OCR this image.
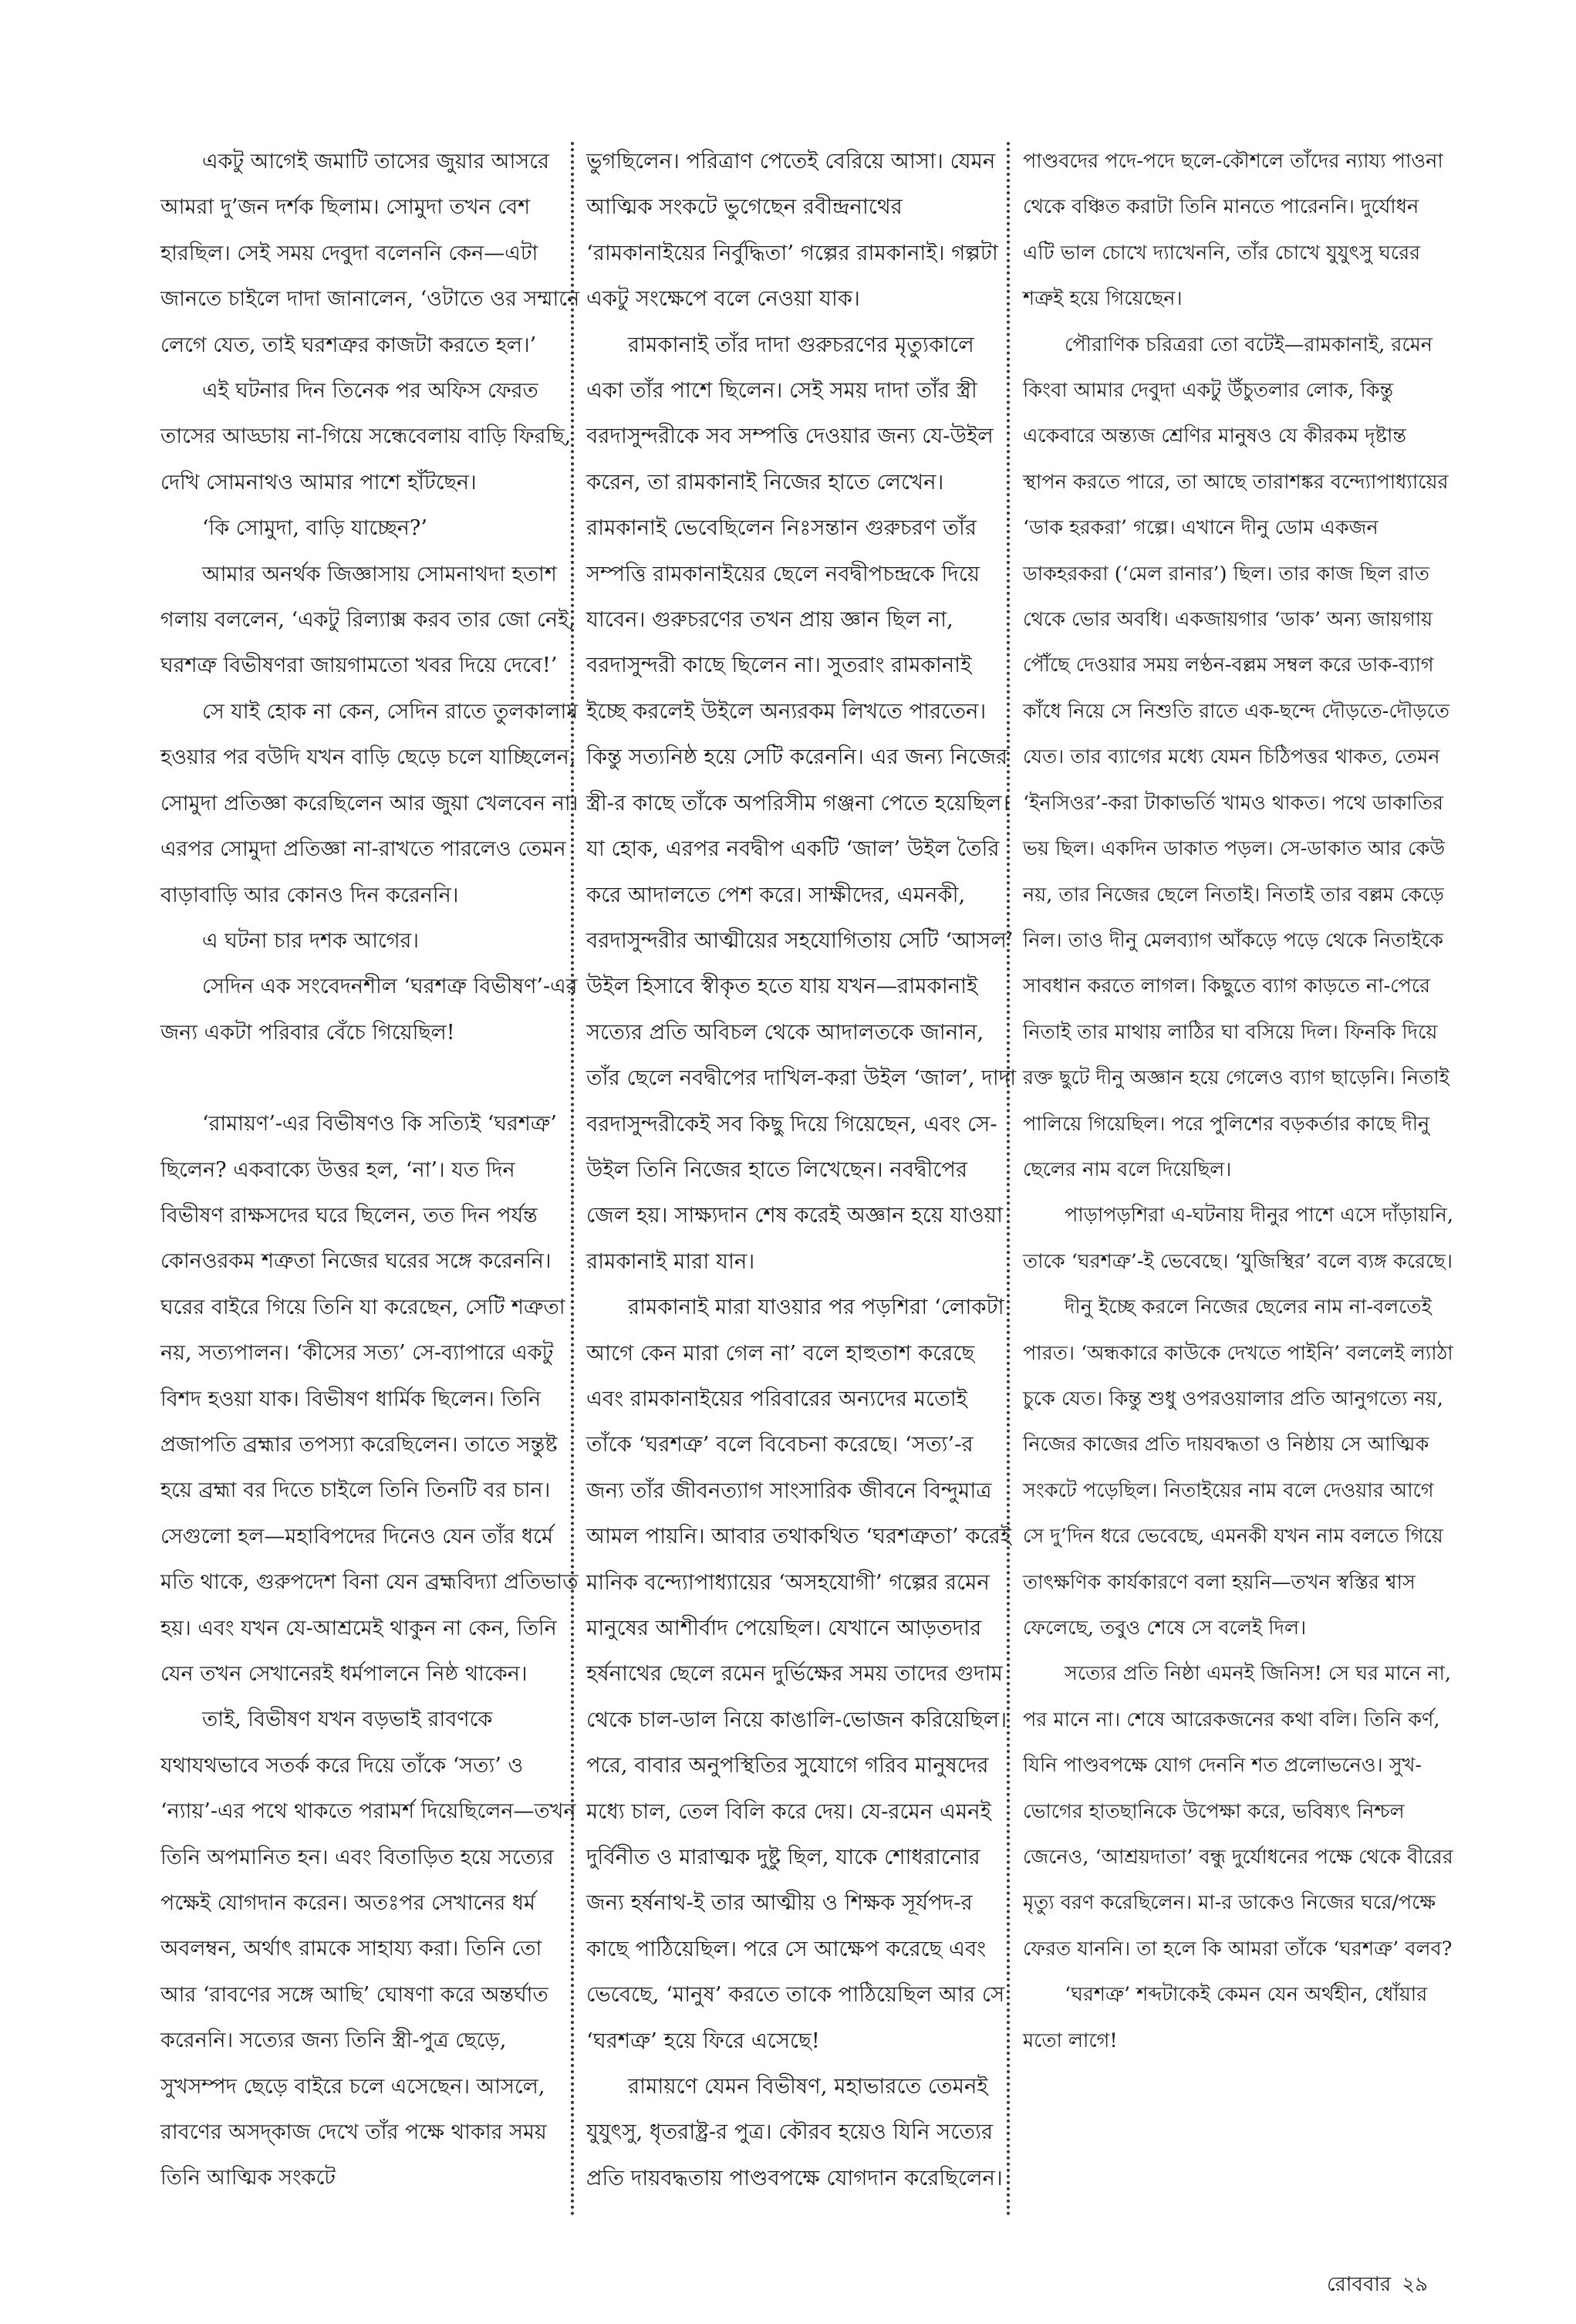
একটু আগেই জমাটি তাসের জুয়ার আসরে আমরা দু’জন দর্শক ছিলাম। সোমুদা তখন বেশ হারছিল। সেই সময় দেবুদা বলেননি কেন—এটা জানতে চাইলে দাদা জানালেন, ‘ওটাতে ওর সম্মানে লেগে যেত, তাই ঘরশত্রুর কাজটা করতে হল।’

এই ঘটনার দিন তিনেক পর অফিস ফেরত তাসের আড্ডায় না-গিয়ে সন্ধেবেলায় বাড়ি ফিরছি, দেখি সোমনাথও আমার পাশে হাঁটছেন।

‘কি সোমুদা, বাড়ি যাচ্ছেন?’

আমার অনর্থক জিজ্ঞাসায় সোমনাথদা হতাশ গলায় বললেন, ‘একটু রিল্যাক্স করব তার জো নেই, ঘরশত্রু বিভীষণরা জায়গামতো খবর দিয়ে দেবে!’

সে যাই হোক না কেন, সেদিন রাতে তুলকালাম হওয়ার পর বউদি যখন বাড়ি ছেড়ে চলে যাচ্ছিলেন, সোমুদা প্রতিজ্ঞা করেছিলেন আর জুয়া খেলবেন না। এরপর সোমুদা প্রতিজ্ঞা না-রাখতে পারলেও তেমন বাড়াবাড়ি আর কোনও দিন করেননি।

এ ঘটনা চার দশক আগের।

সেদিন এক সংবেদনশীল ‘ঘরশত্রু বিভীষণ’-এর জন্য একটা পরিবার বেঁচে গিয়েছিল!

‘রামায়ণ’-এর বিভীষণও কি সত্যিই ‘ঘরশত্রু’ ছিলেন? একবাক্যে উত্তর হল, ‘না’। যত দিন বিভীষণ রাক্ষসদের ঘরে ছিলেন, তত দিন পর্যন্ত কোনওরকম শত্রুতা নিজের ঘরের সঙ্গে করেননি। ঘরের বাইরে গিয়ে তিনি যা করেছেন, সেটি শত্রুতা নয়, সত্যপালন। ‘কীসের সত্য’ সে-ব্যাপারে একটু বিশদ হওয়া যাক। বিভীষণ ধার্মিক ছিলেন। তিনি প্রজাপতি ব্রহ্মার তপস্যা করেছিলেন। তাতে সন্তুষ্ট হয়ে ব্রহ্মা বর দিতে চাইলে তিনি তিনটি বর চান। সেগুলো হল—মহাবিপদের দিনেও যেন তাঁর ধর্মে মতি থাকে, গুরুপদেশ বিনা যেন ব্রহ্মবিদ্যা প্রতিভাত হয়। এবং যখন যে-আশ্রমেই থাকুন না কেন, তিনি যেন তখন সেখানেরই ধর্মপালনে নিষ্ঠ থাকেন।

তাই, বিভীষণ যখন বড়ভাই রাবণকে যথাযথভাবে সতর্ক করে দিয়ে তাঁকে ‘সত্য’ ও ‘ন্যায়’-এর পথে থাকতে পরামর্শ দিয়েছিলেন—তখন তিনি অপমানিত হন। এবং বিতাড়িত হয়ে সত্যের পক্ষেই যোগদান করেন। অতঃপর সেখানের ধর্ম অবলম্বন, অর্থাৎ রামকে সাহায্য করা। তিনি তো আর ‘রাবণের সঙ্গে আছি’ ঘোষণা করে অন্তর্ঘাত করেননি। সত্যের জন্য তিনি স্ত্রী-পুত্র ছেড়ে, সুখসম্পদ ছেড়ে বাইরে চলে এসেছেন। আসলে, রাবণের অসদ্‌কাজ দেখে তাঁর পক্ষে থাকার সময় তিনি আত্মিক সংকটে

ভুগছিলেন। পরিত্রাণ পেতেই বেরিয়ে আসা। যেমন আত্মিক সংকটে ভুগেছেন রবীন্দ্রনাথের ‘রামকানাইয়ের নির্বুদ্ধিতা’ গল্পের রামকানাই। গল্পটা একটু সংক্ষেপে বলে নেওয়া যাক।

রামকানাই তাঁর দাদা গুরুচরণের মৃত্যুকালে একা তাঁর পাশে ছিলেন। সেই সময় দাদা তাঁর স্ত্রী বরদাসুন্দরীকে সব সম্পত্তি দেওয়ার জন্য যে-উইল করেন, তা রামকানাই নিজের হাতে লেখেন। রামকানাই ভেবেছিলেন নিঃসন্তান গুরুচরণ তাঁর সম্পত্তি রামকানাইয়ের ছেলে নবদ্বীপচন্দ্রকে দিয়ে যাবেন। গুরুচরণের তখন প্রায় জ্ঞান ছিল না, বরদাসুন্দরী কাছে ছিলেন না। সুতরাং রামকানাই ইচ্ছে করলেই উইলে অন্যরকম লিখতে পারতেন। কিন্তু সত্যনিষ্ঠ হয়ে সেটি করেননি। এর জন্য নিজের স্ত্রী-র কাছে তাঁকে অপরিসীম গঞ্জনা পেতে হয়েছিল। যা হোক, এরপর নবদ্বীপ একটি ‘জাল’ উইল তৈরি করে আদালতে পেশ করে। সাক্ষীদের, এমনকী, বরদাসুন্দরীর আত্মীয়ের সহযোগিতায় সেটি ‘আসল’ উইল হিসাবে স্বীকৃত হতে যায় যখন—রামকানাই সত্যের প্রতি অবিচল থেকে আদালতকে জানান, তাঁর ছেলে নবদ্বীপের দাখিল-করা উইল ‘জাল’, দাদা বরদাসুন্দরীকেই সব কিছু দিয়ে গিয়েছেন, এবং সে-উইল তিনি নিজের হাতে লিখেছেন। নবদ্বীপের জেল হয়। সাক্ষ্যদান শেষ করেই অজ্ঞান হয়ে যাওয়া রামকানাই মারা যান।

রামকানাই মারা যাওয়ার পর পড়শিরা ‘লোকটা আগে কেন মারা গেল না’ বলে হাহুতাশ করেছে এবং রামকানাইয়ের পরিবারের অন্যদের মতোই তাঁকে ‘ঘরশত্রু’ বলে বিবেচনা করেছে। ‘সত্য’-র জন্য তাঁর জীবনত্যাগ সাংসারিক জীবনে বিন্দুমাত্র আমল পায়নি। আবার তথাকথিত ‘ঘরশত্রুতা’ করেই মানিক বন্দ্যোপাধ্যায়ের ‘অসহযোগী’ গল্পের রমেন মানুষের আশীর্বাদ পেয়েছিল। যেখানে আড়তদার হর্ষনাথের ছেলে রমেন দুর্ভিক্ষের সময় তাদের গুদাম থেকে চাল-ডাল নিয়ে কাঙালি-ভোজন করিয়েছিল। পরে, বাবার অনুপস্থিতির সুযোগে গরিব মানুষদের মধ্যে চাল, তেল বিলি করে দেয়। যে-রমেন এমনই দুর্বিনীত ও মারাত্মক দুষ্টু ছিল, যাকে শোধরানোর জন্য হর্ষনাথ-ই তার আত্মীয় ও শিক্ষক সূর্যপদ-র কাছে পাঠিয়েছিল। পরে সে আক্ষেপ করেছে এবং ভেবেছে, ‘মানুষ’ করতে তাকে পাঠিয়েছিল আর সে ‘ঘরশত্রু’ হয়ে ফিরে এসেছে!

রামায়ণে যেমন বিভীষণ, মহাভারতে তেমনই যুযুৎসু, ধৃতরাষ্ট্র-র পুত্র। কৌরব হয়েও যিনি সত্যের প্রতি দায়বদ্ধতায় পাণ্ডবপক্ষে যোগদান করেছিলেন।

পাণ্ডবদের পদে-পদে ছলে-কৌশলে তাঁদের ন্যায্য পাওনা থেকে বঞ্চিত করাটা তিনি মানতে পারেননি। দুর্যোধন এটি ভাল চোখে দ্যাখেননি, তাঁর চোখে যুযুৎসু ঘরের শত্রুই হয়ে গিয়েছেন।

পৌরাণিক চরিত্ররা তো বটেই—রামকানাই, রমেন কিংবা আমার দেবুদা একটু উঁচুতলার লোক, কিন্তু একেবারে অন্ত্যজ শ্রেণির মানুষও যে কীরকম দৃষ্টান্ত স্থাপন করতে পারে, তা আছে তারাশঙ্কর বন্দ্যোপাধ্যায়ের ‘ডাক হরকরা’ গল্পে। এখানে দীনু ডোম একজন ডাকহরকরা (‘মেল রানার’) ছিল। তার কাজ ছিল রাত থেকে ভোর অবধি। একজায়গার ‘ডাক’ অন্য জায়গায় পৌঁছে দেওয়ার সময় লণ্ঠন-বল্লম সম্বল করে ডাক-ব্যাগ কাঁধে নিয়ে সে নিশুতি রাতে এক-ছন্দে দৌড়তে-দৌড়তে যেত। তার ব্যাগের মধ্যে যেমন চিঠিপত্তর থাকত, তেমন ‘ইনসিওর’-করা টাকাভর্তি খামও থাকত। পথে ডাকাতির ভয় ছিল। একদিন ডাকাত পড়ল। সে-ডাকাত আর কেউ নয়, তার নিজের ছেলে নিতাই। নিতাই তার বল্লম কেড়ে নিল। তাও দীনু মেলব্যাগ আঁকড়ে পড়ে থেকে নিতাইকে সাবধান করতে লাগল। কিছুতে ব্যাগ কাড়তে না-পেরে নিতাই তার মাথায় লাঠির ঘা বসিয়ে দিল। ফিনকি দিয়ে রক্ত ছুটে দীনু অজ্ঞান হয়ে গেলেও ব্যাগ ছাড়েনি। নিতাই পালিয়ে গিয়েছিল। পরে পুলিশের বড়কর্তার কাছে দীনু ছেলের নাম বলে দিয়েছিল।

পাড়াপড়শিরা এ-ঘটনায় দীনুর পাশে এসে দাঁড়ায়নি, তাকে ‘ঘরশত্রু’-ই ভেবেছে। ‘যুজিস্থির’ বলে ব্যঙ্গ করেছে।

দীনু ইচ্ছে করলে নিজের ছেলের নাম না-বলতেই পারত। ‘অন্ধকারে কাউকে দেখতে পাইনি’ বললেই ল্যাঠা চুকে যেত। কিন্তু শুধু ওপরওয়ালার প্রতি আনুগত্যে নয়, নিজের কাজের প্রতি দায়বদ্ধতা ও নিষ্ঠায় সে আত্মিক সংকটে পড়েছিল। নিতাইয়ের নাম বলে দেওয়ার আগে সে দু’দিন ধরে ভেবেছে, এমনকী যখন নাম বলতে গিয়ে তাৎক্ষণিক কার্যকারণে বলা হয়নি—তখন স্বস্তির শ্বাস ফেলেছে, তবুও শেষে সে বলেই দিল।

সত্যের প্রতি নিষ্ঠা এমনই জিনিস! সে ঘর মানে না, পর মানে না। শেষে আরেকজনের কথা বলি। তিনি কর্ণ, যিনি পাণ্ডবপক্ষে যোগ দেননি শত প্রলোভনেও। সুখ-ভোগের হাতছানিকে উপেক্ষা করে, ভবিষ্যৎ নিশ্চল জেনেও, ‘আশ্রয়দাতা’ বন্ধু দুর্যোধনের পক্ষে থেকে বীরের মৃত্যু বরণ করেছিলেন। মা-র ডাকেও নিজের ঘরে/পক্ষে ফেরত যাননি। তা হলে কি আমরা তাঁকে ‘ঘরশত্রু’ বলব?

‘ঘরশত্রু’ শব্দটাকেই কেমন যেন অর্থহীন, ধোঁয়ার মতো লাগে!

রোববার ২৯
